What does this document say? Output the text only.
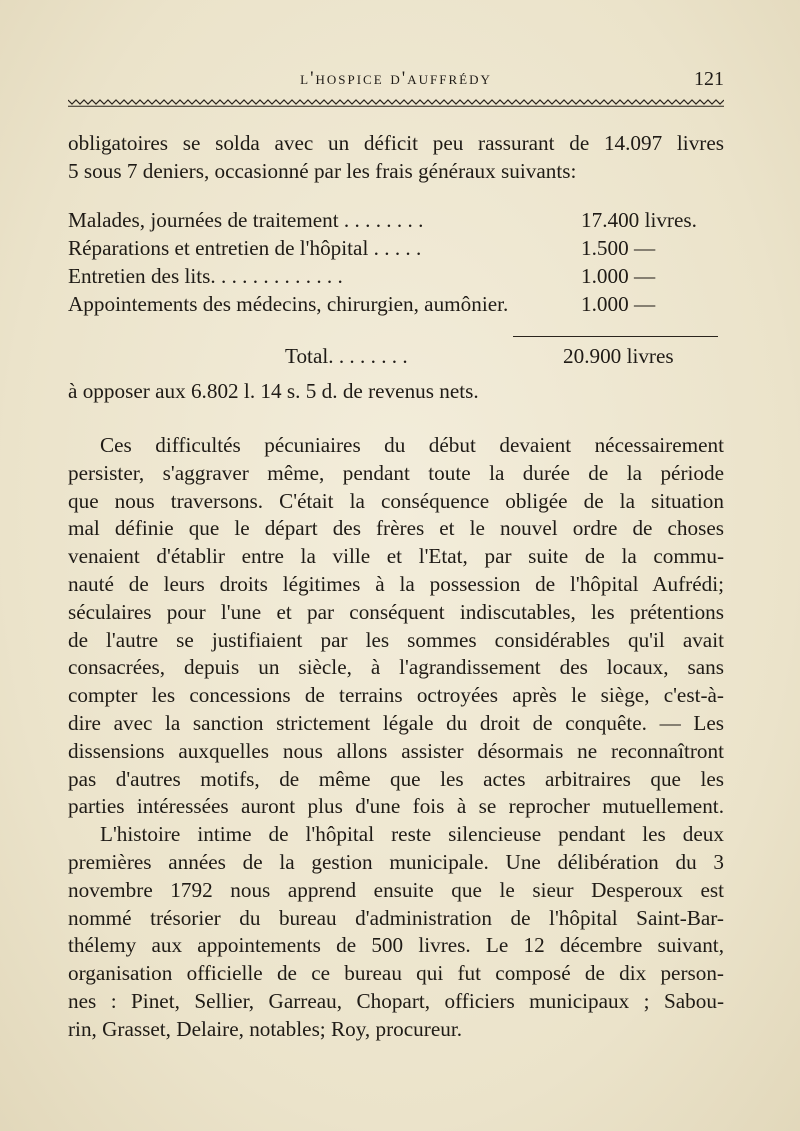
l'hospice d'auffrédy	121
obligatoires se solda avec un déficit peu rassurant de 14.097 livres
5 sous 7 deniers, occasionné par les frais généraux suivants:
Malades, journées de traitement . . . . . . . .	17.400 livres.
Réparations et entretien de l'hôpital . . . . .	1.500 —
Entretien des lits. . . . . . . . . . . . .	1.000 —
Appointements des médecins, chirurgien, aumônier.	1.000 —
Total. . . . . . . .	20.900 livres
à opposer aux 6.802 l. 14 s. 5 d. de revenus nets.
Ces difficultés pécuniaires du début devaient nécessairement
persister, s'aggraver même, pendant toute la durée de la période
que nous traversons. C'était la conséquence obligée de la situation
mal définie que le départ des frères et le nouvel ordre de choses
venaient d'établir entre la ville et l'Etat, par suite de la commu-
nauté de leurs droits légitimes à la possession de l'hôpital Aufrédi;
séculaires pour l'une et par conséquent indiscutables, les prétentions
de l'autre se justifiaient par les sommes considérables qu'il avait
consacrées, depuis un siècle, à l'agrandissement des locaux, sans
compter les concessions de terrains octroyées après le siège, c'est-à-
dire avec la sanction strictement légale du droit de conquête. — Les
dissensions auxquelles nous allons assister désormais ne reconnaîtront
pas d'autres motifs, de même que les actes arbitraires que les
parties intéressées auront plus d'une fois à se reprocher mutuellement.
L'histoire intime de l'hôpital reste silencieuse pendant les deux
premières années de la gestion municipale. Une délibération du 3
novembre 1792 nous apprend ensuite que le sieur Desperoux est
nommé trésorier du bureau d'administration de l'hôpital Saint-Bar-
thélemy aux appointements de 500 livres. Le 12 décembre suivant,
organisation officielle de ce bureau qui fut composé de dix person-
nes : Pinet, Sellier, Garreau, Chopart, officiers municipaux ; Sabou-
rin, Grasset, Delaire, notables; Roy, procureur.
